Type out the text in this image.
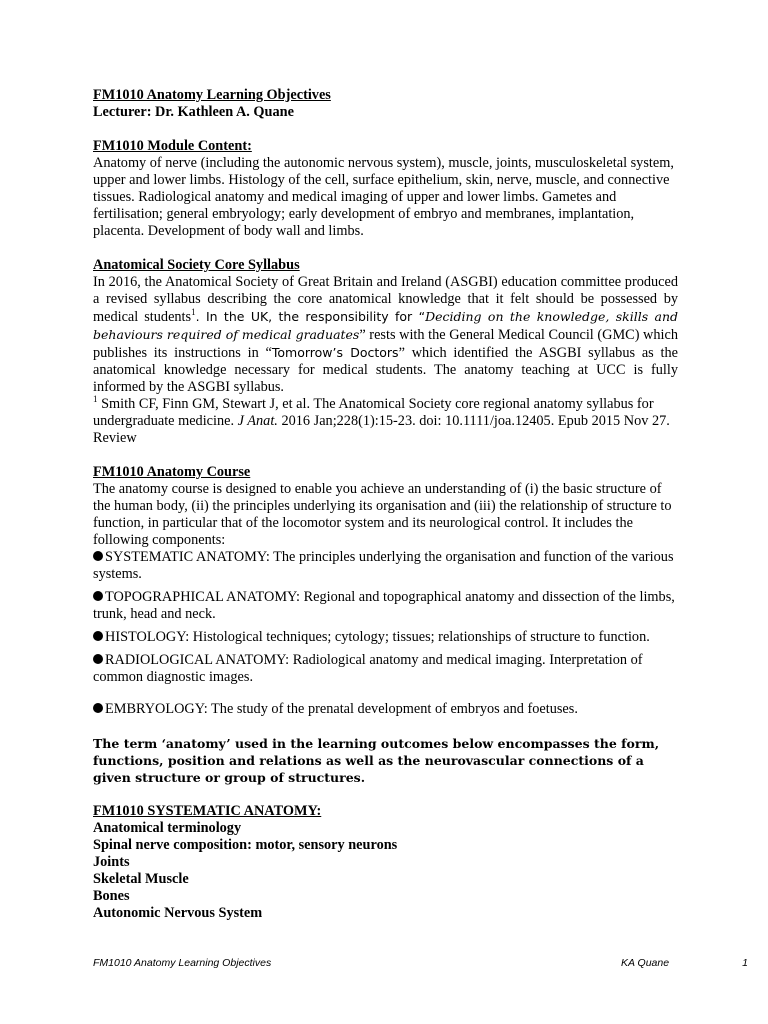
FM1010 Anatomy Learning Objectives

Lecturer: Dr. Kathleen A. Quane

FM1010 Module Content:

Anatomy of nerve (including the autonomic nervous system), muscle, joints, musculoskeletal system, upper and lower limbs. Histology of the cell, surface epithelium, skin, nerve, muscle, and connective tissues. Radiological anatomy and medical imaging of upper and lower limbs. Gametes and fertilisation; general embryology; early development of embryo and membranes, implantation, placenta. Development of body wall and limbs.

Anatomical Society Core Syllabus

In 2016, the Anatomical Society of Great Britain and Ireland (ASGBI) education committee produced a revised syllabus describing the core anatomical knowledge that it felt should be possessed by medical students$^1$. In the UK, the responsibility for “Deciding on the knowledge, skills and behaviours required of medical graduates” rests with the General Medical Council (GMC) which publishes its instructions in “Tomorrow’s Doctors” which identified the ASGBI syllabus as the anatomical knowledge necessary for medical students. The anatomy teaching at UCC is fully informed by the ASGBI syllabus.

$^1$ Smith CF, Finn GM, Stewart J, et al. The Anatomical Society core regional anatomy syllabus for undergraduate medicine. J Anat. 2016 Jan;228(1):15-23. doi: 10.1111/joa.12405. Epub 2015 Nov 27. Review

FM1010 Anatomy Course

The anatomy course is designed to enable you achieve an understanding of (i) the basic structure of the human body, (ii) the principles underlying its organisation and (iii) the relationship of structure to function, in particular that of the locomotor system and its neurological control. It includes the following components:

SYSTEMATIC ANATOMY: The principles underlying the organisation and function of the various systems.

TOPOGRAPHICAL ANATOMY: Regional and topographical anatomy and dissection of the limbs, trunk, head and neck.

HISTOLOGY: Histological techniques; cytology; tissues; relationships of structure to function.

RADIOLOGICAL ANATOMY: Radiological anatomy and medical imaging. Interpretation of common diagnostic images.

EMBRYOLOGY: The study of the prenatal development of embryos and foetuses.

The term ‘anatomy’ used in the learning outcomes below encompasses the form, functions, position and relations as well as the neurovascular connections of a given structure or group of structures.

FM1010 SYSTEMATIC ANATOMY:

Anatomical terminology

Spinal nerve composition: motor, sensory neurons

Joints

Skeletal Muscle

Bones

Autonomic Nervous System

FM1010 Anatomy Learning Objectives	KA Quane	1
